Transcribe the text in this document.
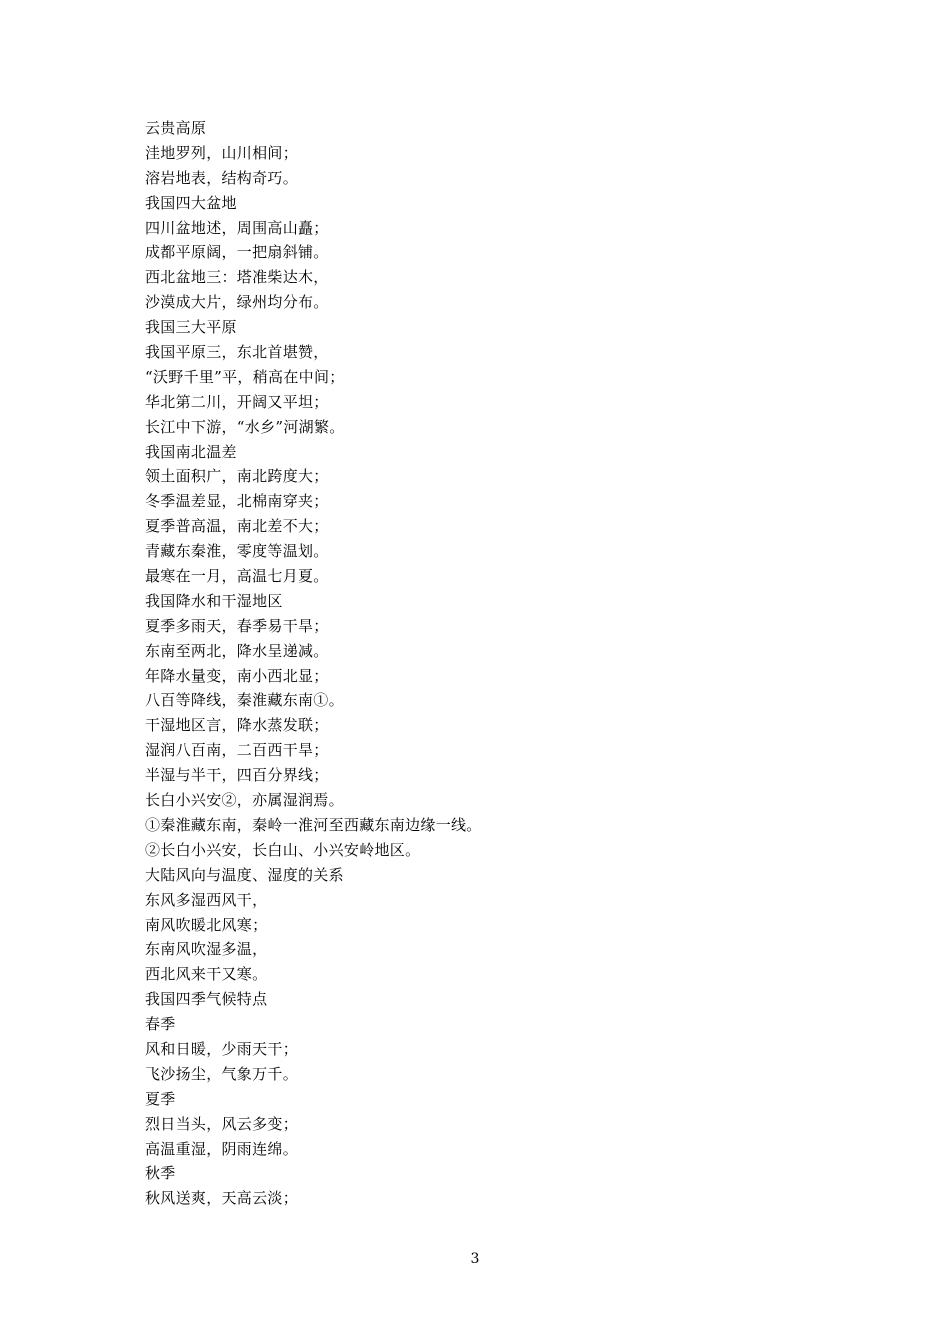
云贵高原
洼地罗列，山川相间；
溶岩地表，结构奇巧。
我国四大盆地
四川盆地述，周围高山矗；
成都平原阔，一把扇斜铺。
西北盆地三：塔准柴达木，
沙漠成大片，绿州均分布。
我国三大平原
我国平原三，东北首堪赞，
“沃野千里”平，稍高在中间；
华北第二川，开阔又平坦；
长江中下游，“水乡”河湖繁。
我国南北温差
领土面积广，南北跨度大；
冬季温差显，北棉南穿夹；
夏季普高温，南北差不大；
青藏东秦淮，零度等温划。
最寒在一月，高温七月夏。
我国降水和干湿地区
夏季多雨天，春季易干旱；
东南至两北，降水呈递减。
年降水量变，南小西北显；
八百等降线，秦淮藏东南①。
干湿地区言，降水蒸发联；
湿润八百南，二百西干旱；
半湿与半干，四百分界线；
长白小兴安②，亦属湿润焉。
①秦淮藏东南，秦岭一淮河至西藏东南边缘一线。
②长白小兴安，长白山、小兴安岭地区。
大陆风向与温度、湿度的关系
东风多湿西风干，
南风吹暖北风寒；
东南风吹湿多温，
西北风来干又寒。
我国四季气候特点
春季
风和日暖，少雨天干；
飞沙扬尘，气象万千。
夏季
烈日当头，风云多变；
高温重湿，阴雨连绵。
秋季
秋风送爽，天高云淡；
3
